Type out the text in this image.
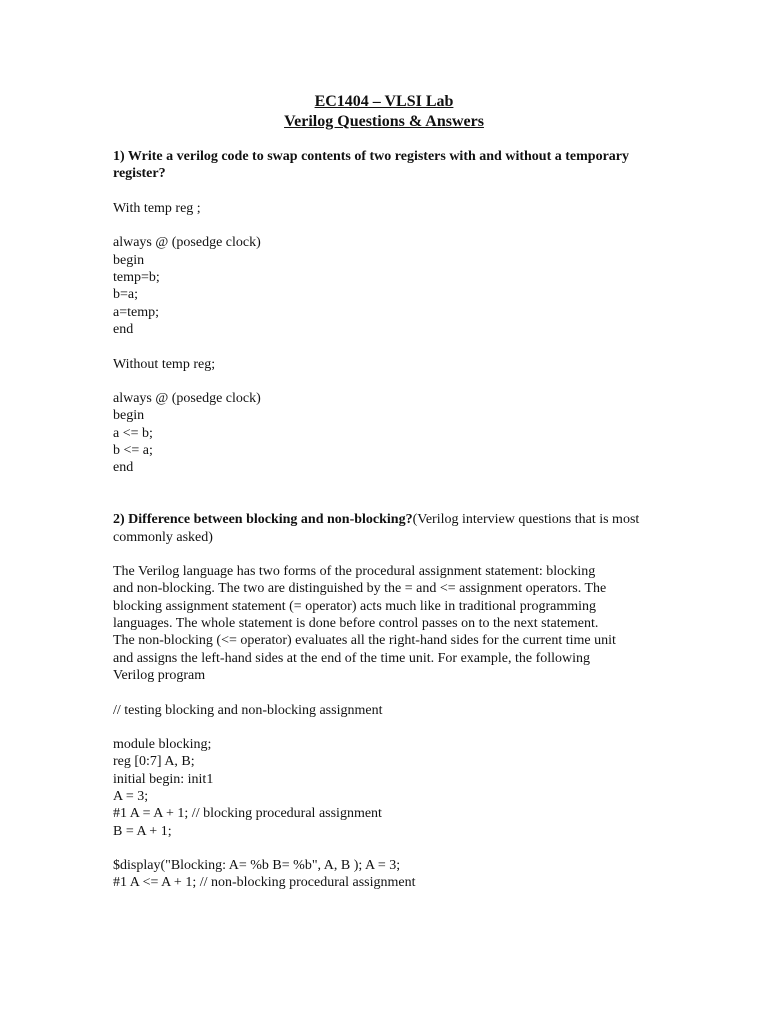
EC1404 – VLSI Lab

Verilog Questions & Answers

1) Write a verilog code to swap contents of two registers with and without a temporary register?

With temp reg ;

always @ (posedge clock)
begin
temp=b;
b=a;
a=temp;
end

Without temp reg;

always @ (posedge clock)
begin
a <= b;
b <= a;
end

2) Difference between blocking and non-blocking?(Verilog interview questions that is most commonly asked)

The Verilog language has two forms of the procedural assignment statement: blocking
and non-blocking. The two are distinguished by the = and <= assignment operators. The
blocking assignment statement (= operator) acts much like in traditional programming
languages. The whole statement is done before control passes on to the next statement.
The non-blocking (<= operator) evaluates all the right-hand sides for the current time unit
and assigns the left-hand sides at the end of the time unit. For example, the following
Verilog program

// testing blocking and non-blocking assignment

module blocking;
reg [0:7] A, B;
initial begin: init1
A = 3;
#1 A = A + 1; // blocking procedural assignment
B = A + 1;
$display("Blocking: A= %b B= %b", A, B ); A = 3;
#1 A <= A + 1; // non-blocking procedural assignment
